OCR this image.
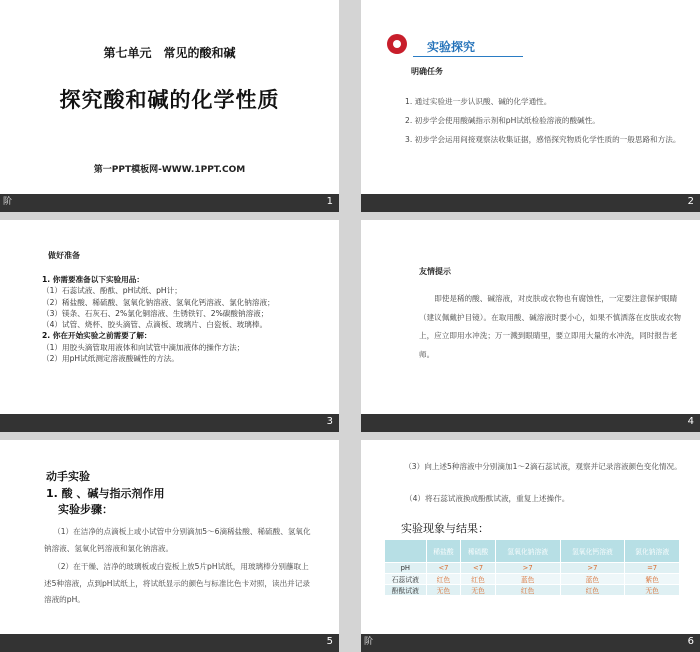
第七单元　常见的酸和碱

探究酸和碱的化学性质

第一PPT模板网-WWW.1PPT.COM

阶	1

实验探究

明确任务

1. 通过实验进一步认识酸、碱的化学通性。
2. 初步学会使用酸碱指示剂和pH试纸检验溶液的酸碱性。
3. 初步学会运用间接观察法收集证据，感悟探究物质化学性质的一般思路和方法。
2

做好准备

1. 你需要准备以下实验用品：
（1）石蕊试液、酚酞、pH试纸、pH计；
（2）稀盐酸、稀硫酸、氢氧化钠溶液、氢氧化钙溶液、氯化钠溶液；
（3）镁条、石灰石、2%氯化铜溶液、生锈铁钉、2%碳酸钠溶液；
（4）试管、烧杯、胶头滴管、点滴板、玻璃片、白瓷板、玻璃棒。
2. 你在开始实验之前需要了解：
（1）用胶头滴管取用液体和向试管中滴加液体的操作方法；
（2）用pH试纸测定溶液酸碱性的方法。
3

友情提示

即使是稀的酸、碱溶液，对皮肤或衣物也有腐蚀性，一定要注意保护眼睛（建议佩戴护目镜）。在取用酸、碱溶液时要小心，如果不慎洒落在皮肤或衣物上，应立即用水冲洗；万一溅到眼睛里，要立即用大量的水冲洗，同时报告老师。

4

动手实验

1. 酸 、碱与指示剂作用

实验步骤：

（1）在洁净的点滴板上或小试管中分别滴加5～6滴稀盐酸、稀硫酸、氢氧化钠溶液、氢氧化钙溶液和氯化钠溶液。

（2）在干燥、洁净的玻璃板或白瓷板上放5片pH试纸，用玻璃棒分别蘸取上述5种溶液，点到pH试纸上，将试纸显示的颜色与标准比色卡对照，读出并记录溶液的pH。

5

（3）向上述5种溶液中分别滴加1～2滴石蕊试液，观察并记录溶液颜色变化情况。

（4）将石蕊试液换成酚酞试液，重复上述操作。

实验现象与结果：

	稀盐酸	稀硫酸	氢氧化钠溶液	氢氧化钙溶液	氯化钠溶液
pH	<7	<7	>7	>7	=7
石蕊试液	红色	红色	蓝色	蓝色	紫色
酚酞试液	无色	无色	红色	红色	无色
阶	6
